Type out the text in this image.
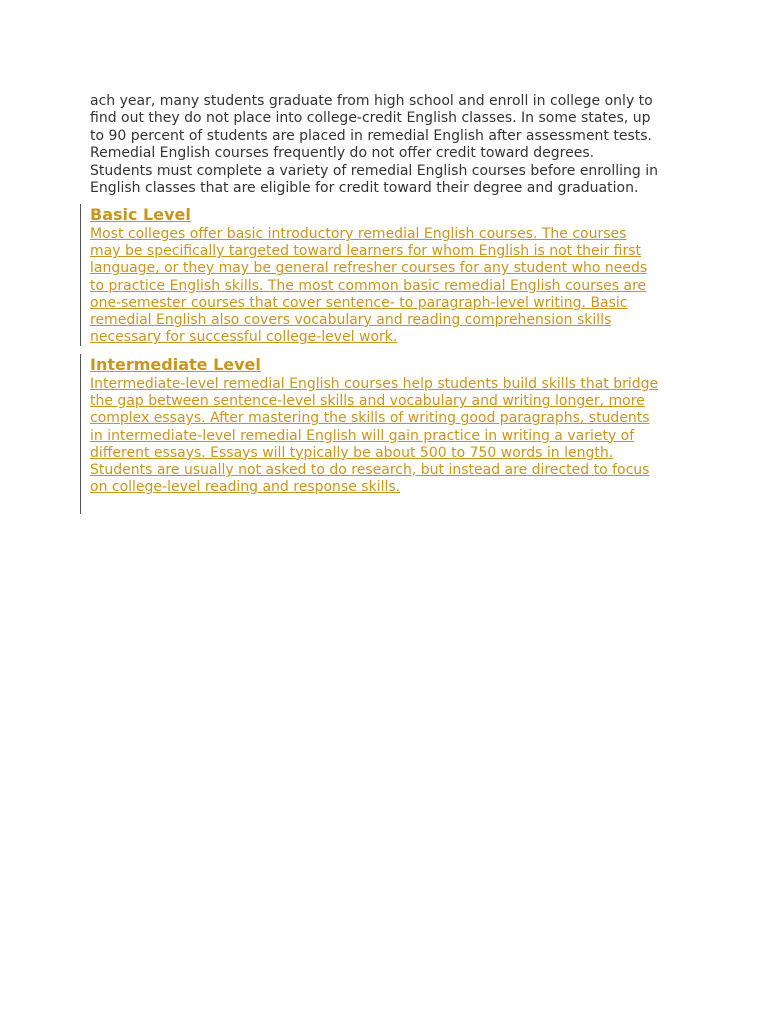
ach year, many students graduate from high school and enroll in college only to
find out they do not place into college-credit English classes. In some states, up
to 90 percent of students are placed in remedial English after assessment tests.
Remedial English courses frequently do not offer credit toward degrees.
Students must complete a variety of remedial English courses before enrolling in
English classes that are eligible for credit toward their degree and graduation.

Basic Level

Most colleges offer basic introductory remedial English courses. The courses
may be specifically targeted toward learners for whom English is not their first
language, or they may be general refresher courses for any student who needs
to practice English skills. The most common basic remedial English courses are
one-semester courses that cover sentence- to paragraph-level writing. Basic
remedial English also covers vocabulary and reading comprehension skills
necessary for successful college-level work.

Intermediate Level

Intermediate-level remedial English courses help students build skills that bridge
the gap between sentence-level skills and vocabulary and writing longer, more
complex essays. After mastering the skills of writing good paragraphs, students
in intermediate-level remedial English will gain practice in writing a variety of
different essays. Essays will typically be about 500 to 750 words in length.
Students are usually not asked to do research, but instead are directed to focus
on college-level reading and response skills.
